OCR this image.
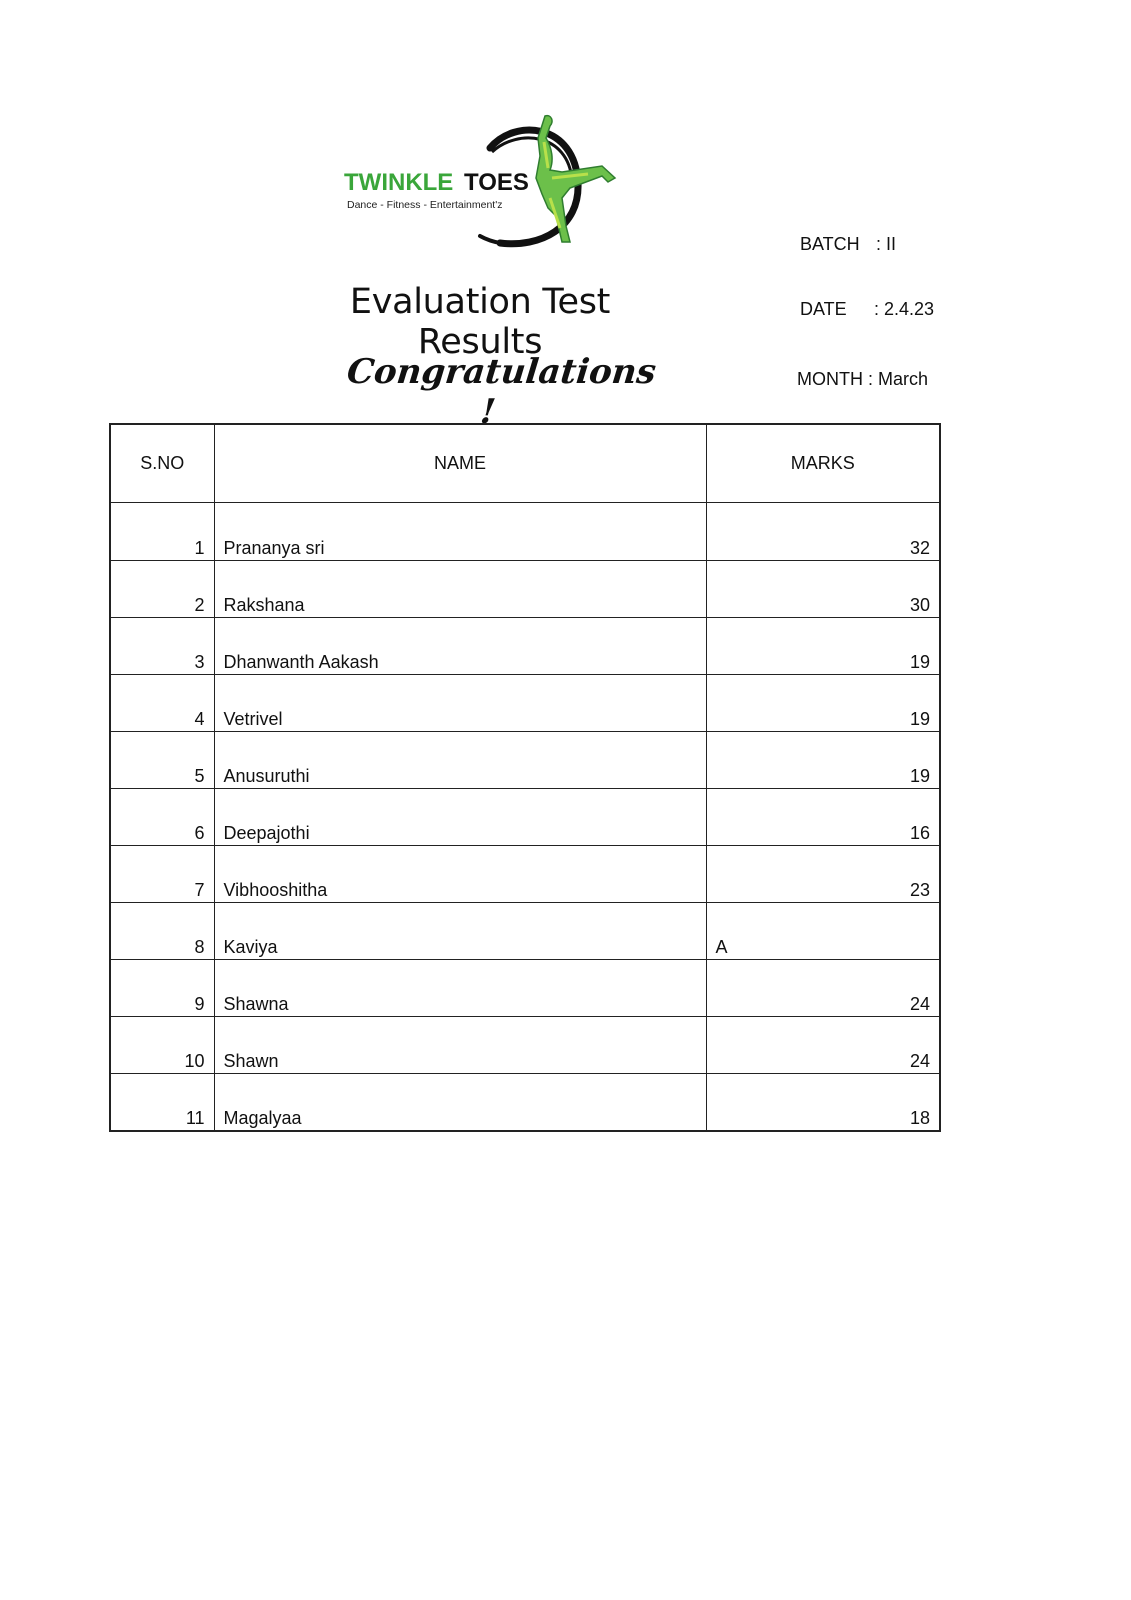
TWINKLE TOES
Dance - Fitness - Entertainment'z
BATCH : II
DATE : 2.4.23
MONTH : March
Evaluation Test Results
Congratulations !
S.NO	NAME	MARKS
1	Prananya sri	32
2	Rakshana	30
3	Dhanwanth Aakash	19
4	Vetrivel	19
5	Anusuruthi	19
6	Deepajothi	16
7	Vibhooshitha	23
8	Kaviya	A
9	Shawna	24
10	Shawn	24
11	Magalyaa	18
